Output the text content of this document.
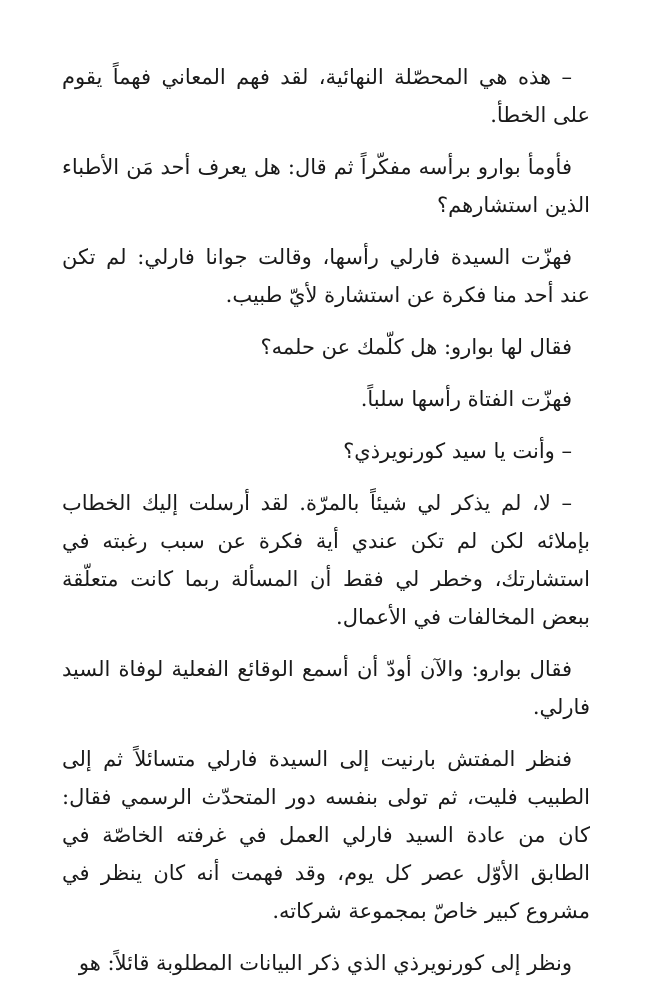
– هذه هي المحصّلة النهائية، لقد فهم المعاني فهماً يقوم على الخطأ.

فأومأ بوارو برأسه مفكّراً ثم قال: هل يعرف أحد مَن الأطباء الذين استشارهم؟

فهزّت السيدة فارلي رأسها، وقالت جوانا فارلي: لم تكن عند أحد منا فكرة عن استشارة لأيّ طبيب.

فقال لها بوارو: هل كلّمك عن حلمه؟

فهزّت الفتاة رأسها سلباً.

– وأنت يا سيد كورنويرذي؟

– لا، لم يذكر لي شيئاً بالمرّة. لقد أرسلت إليك الخطاب بإملائه لكن لم تكن عندي أية فكرة عن سبب رغبته في استشارتك، وخطر لي فقط أن المسألة ربما كانت متعلّقة ببعض المخالفات في الأعمال.

فقال بوارو: والآن أودّ أن أسمع الوقائع الفعلية لوفاة السيد فارلي.

فنظر المفتش بارنيت إلى السيدة فارلي متسائلاً ثم إلى الطبيب فليت، ثم تولى بنفسه دور المتحدّث الرسمي فقال: كان من عادة السيد فارلي العمل في غرفته الخاصّة في الطابق الأوّل عصر كل يوم، وقد فهمت أنه كان ينظر في مشروع كبير خاصّ بمجموعة شركاته.

ونظر إلى كورنويرذي الذي ذكر البيانات المطلوبة قائلاً: هو
